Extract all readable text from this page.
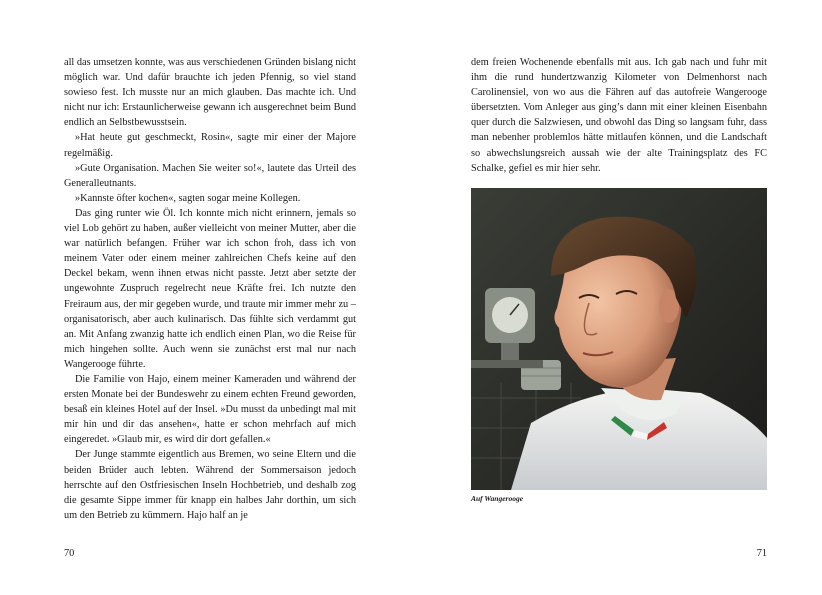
all das umsetzen konnte, was aus verschiedenen Gründen bislang nicht möglich war. Und dafür brauchte ich jeden Pfennig, so viel stand sowieso fest. Ich musste nur an mich glauben. Das machte ich. Und nicht nur ich: Erstaunlicherweise gewann ich ausgerechnet beim Bund endlich an Selbstbewusstsein.

»Hat heute gut geschmeckt, Rosin«, sagte mir einer der Majore regelmäßig.

»Gute Organisation. Machen Sie weiter so!«, lautete das Urteil des Generalleutnants.

»Kannste öfter kochen«, sagten sogar meine Kollegen.

Das ging runter wie Öl. Ich konnte mich nicht erinnern, jemals so viel Lob gehört zu haben, außer vielleicht von meiner Mutter, aber die war natürlich befangen. Früher war ich schon froh, dass ich von meinem Vater oder einem meiner zahlreichen Chefs keine auf den Deckel bekam, wenn ihnen etwas nicht passte. Jetzt aber setzte der ungewohnte Zuspruch regelrecht neue Kräfte frei. Ich nutzte den Freiraum aus, der mir gegeben wurde, und traute mir immer mehr zu – organisatorisch, aber auch kulinarisch. Das fühlte sich verdammt gut an. Mit Anfang zwanzig hatte ich endlich einen Plan, wo die Reise für mich hingehen sollte. Auch wenn sie zunächst erst mal nur nach Wangerooge führte.

Die Familie von Hajo, einem meiner Kameraden und während der ersten Monate bei der Bundeswehr zu einem echten Freund geworden, besaß ein kleines Hotel auf der Insel. »Du musst da unbedingt mal mit mir hin und dir das ansehen«, hatte er schon mehrfach auf mich eingeredet. »Glaub mir, es wird dir dort gefallen.«

Der Junge stammte eigentlich aus Bremen, wo seine Eltern und die beiden Brüder auch lebten. Während der Sommersaison jedoch herrschte auf den Ostfriesischen Inseln Hochbetrieb, und deshalb zog die gesamte Sippe immer für knapp ein halbes Jahr dorthin, um sich um den Betrieb zu kümmern. Hajo half an je

70

dem freien Wochenende ebenfalls mit aus. Ich gab nach und fuhr mit ihm die rund hundertzwanzig Kilometer von Delmenhorst nach Carolinensiel, von wo aus die Fähren auf das autofreie Wangerooge übersetzten. Vom Anleger aus ging’s dann mit einer kleinen Eisenbahn quer durch die Salzwiesen, und obwohl das Ding so langsam fuhr, dass man nebenher problemlos hätte mitlaufen können, und die Landschaft so abwechslungsreich aussah wie der alte Trainingsplatz des FC Schalke, gefiel es mir hier sehr.

Auf Wangerooge
71
